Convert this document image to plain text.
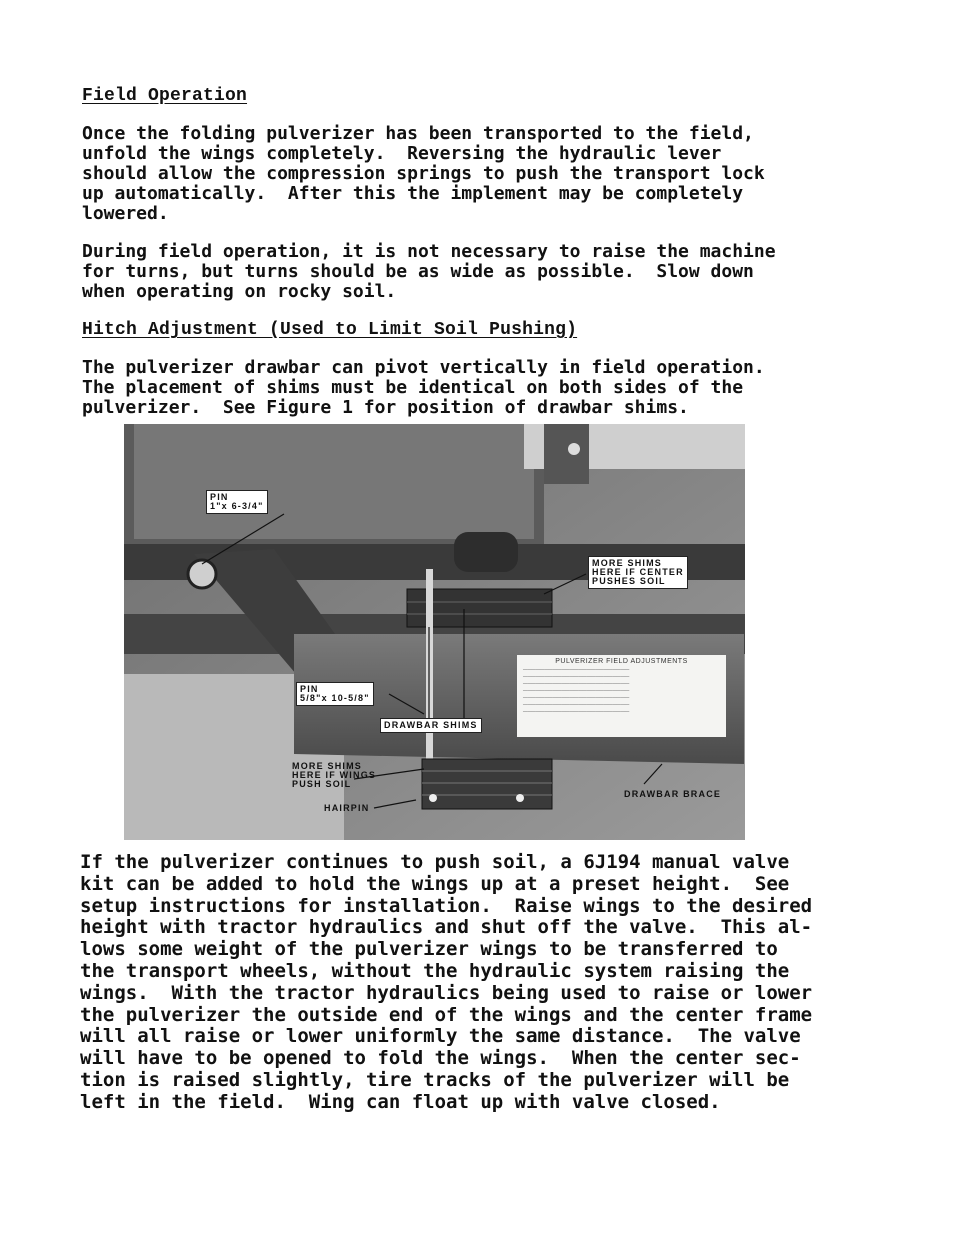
Field Operation
Once the folding pulverizer has been transported to the field,
unfold the wings completely.  Reversing the hydraulic lever
should allow the compression springs to push the transport lock
up automatically.  After this the implement may be completely
lowered.
During field operation, it is not necessary to raise the machine
for turns, but turns should be as wide as possible.  Slow down
when operating on rocky soil.
Hitch Adjustment (Used to Limit Soil Pushing)
The pulverizer drawbar can pivot vertically in field operation.
The placement of shims must be identical on both sides of the
pulverizer.  See Figure 1 for position of drawbar shims.
PULVERIZER FIELD ADJUSTMENTS
─────────────────────────
─────────────────────────
─────────────────────────
─────────────────────────
─────────────────────────
─────────────────────────
─────────────────────────
PIN
1"x 6-3/4"
MORE SHIMS
HERE IF CENTER
PUSHES SOIL
PIN
5/8"x 10-5/8"
DRAWBAR SHIMS
MORE SHIMS
HERE IF WINGS
PUSH SOIL
HAIRPIN
DRAWBAR BRACE
If the pulverizer continues to push soil, a 6J194 manual valve
kit can be added to hold the wings up at a preset height.  See
setup instructions for installation.  Raise wings to the desired
height with tractor hydraulics and shut off the valve.  This al-
lows some weight of the pulverizer wings to be transferred to
the transport wheels, without the hydraulic system raising the
wings.  With the tractor hydraulics being used to raise or lower
the pulverizer the outside end of the wings and the center frame
will all raise or lower uniformly the same distance.  The valve
will have to be opened to fold the wings.  When the center sec-
tion is raised slightly, tire tracks of the pulverizer will be
left in the field.  Wing can float up with valve closed.
